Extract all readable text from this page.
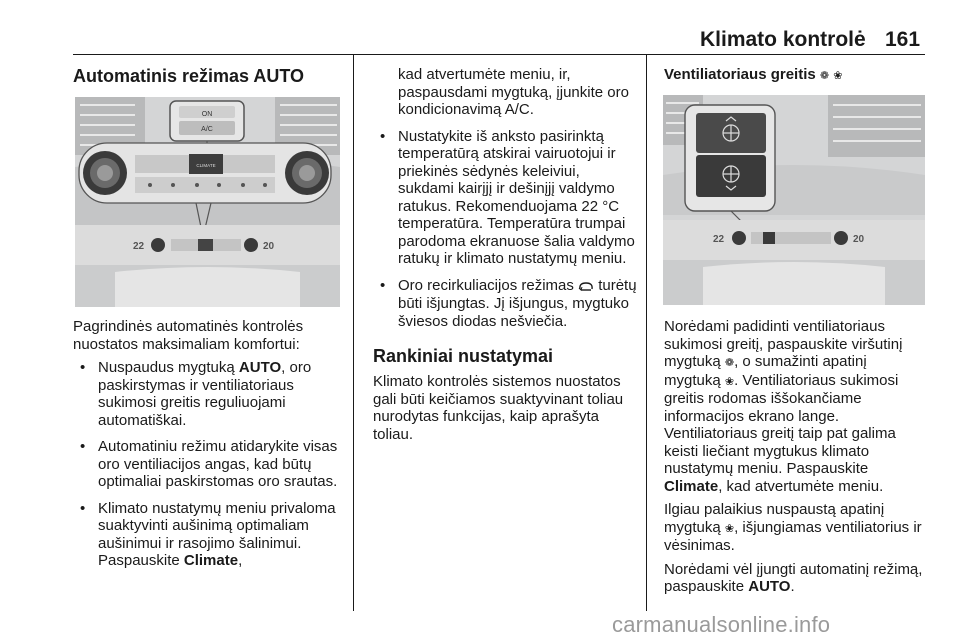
Klimato kontrolė 161
Automatinis režimas AUTO
ON
A/C
CLIMATE
22	20

Pagrindinės automatinės kontrolės nuostatos maksimaliam komfortui:

• Nuspaudus mygtuką AUTO, oro paskirstymas ir ventiliatoriaus sukimosi greitis reguliuojami automatiškai.
• Automatiniu režimu atidarykite visas oro ventiliacijos angas, kad būtų optimaliai paskirstomas oro srautas.
• Klimato nustatymų meniu privaloma suaktyvinti aušinimą optimaliam aušinimui ir rasojimo šalinimui. Paspauskite Climate,
kad atvertumėte meniu, ir, paspausdami mygtuką, įjunkite oro kondicionavimą A/C.
• Nustatykite iš anksto pasirinktą temperatūrą atskirai vairuotojui ir priekinės sėdynės keleiviui, sukdami kairįjį ir dešinįjį valdymo ratukus. Rekomenduojama 22 °C temperatūra. Temperatūra trumpai parodoma ekranuose šalia valdymo ratukų ir klimato nustatymų meniu.
• Oro recirkuliacijos režimas  turėtų būti išjungtas. Jį išjungus, mygtuko šviesos diodas nešviečia.
Rankiniai nustatymai

Klimato kontrolės sistemos nuostatos gali būti keičiamos suaktyvinant toliau nurodytas funkcijas, kaip aprašyta toliau.

Ventiliatoriaus greitis ❁ ❀
22	20

Norėdami padidinti ventiliatoriaus sukimosi greitį, paspauskite viršutinį mygtuką ❁, o sumažinti apatinį mygtuką ❀. Ventiliatoriaus sukimosi greitis rodomas iššokančiame informacijos ekrano lange.

Ventiliatoriaus greitį taip pat galima keisti liečiant mygtukus klimato nustatymų meniu. Paspauskite Climate, kad atvertumėte meniu.

Ilgiau palaikius nuspaustą apatinį mygtuką ❀, išjungiamas ventiliatorius ir vėsinimas.

Norėdami vėl įjungti automatinį režimą, paspauskite AUTO.

carmanualsonline.info
